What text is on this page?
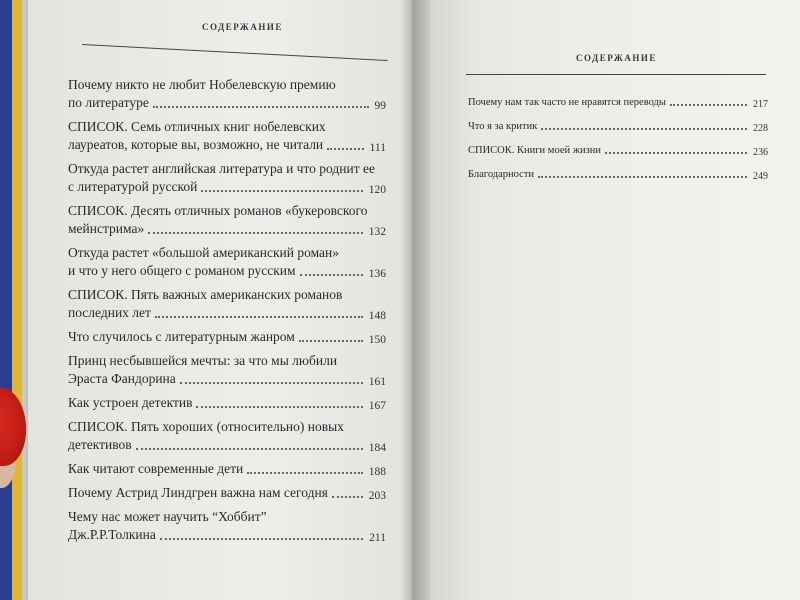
СОДЕРЖАНИЕ
СОДЕРЖАНИЕ
Почему никто не любит Нобелевскую премию
по литературе	99
СПИСОК. Семь отличных книг нобелевских
лауреатов, которые вы, возможно, не читали	111
Откуда растет английская литература и что роднит ее
с литературой русской	120
СПИСОК. Десять отличных романов «букеровского
мейнстрима»	132
Откуда растет «большой американский роман»
и что у него общего с романом русским	136
СПИСОК. Пять важных американских романов
последних лет	148
Что случилось с литературным жанром	150
Принц несбывшейся мечты: за что мы любили
Эраста Фандорина	161
Как устроен детектив	167
СПИСОК. Пять хороших (относительно) новых
детективов	184
Как читают современные дети	188
Почему Астрид Линдгрен важна нам сегодня	203
Чему нас может научить “Хоббит”
Дж.Р.Р.Толкина	211
Почему нам так часто не нравятся переводы	217
Что я за критик	228
СПИСОК. Книги моей жизни	236
Благодарности	249
